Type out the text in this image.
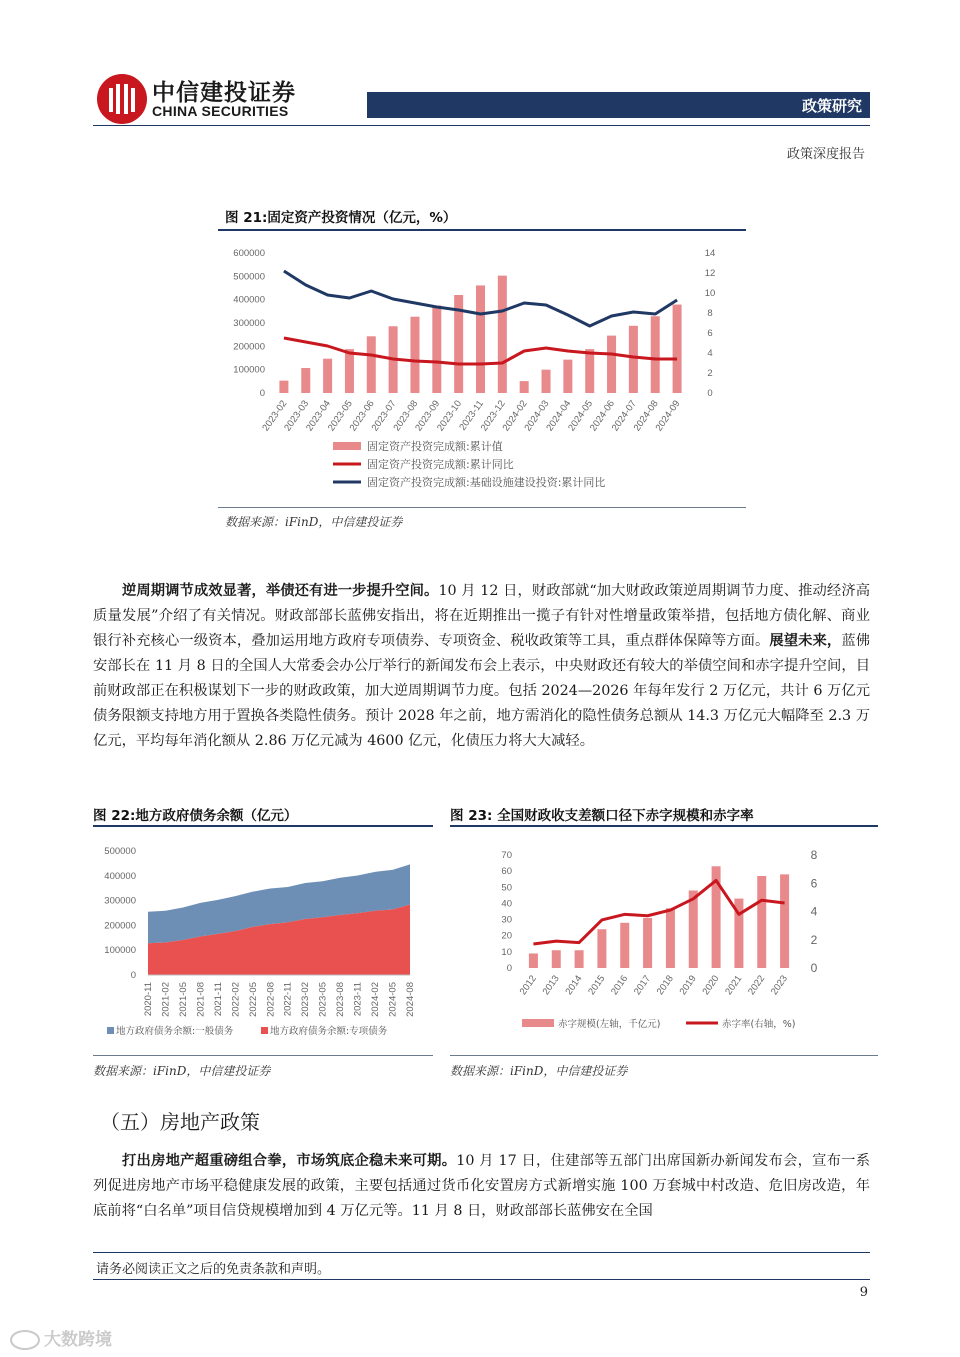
中信建投证券
CHINA SECURITIES	政策研究
政策深度报告
图 21:固定资产投资情况（亿元，%）
600000
500000
400000
300000
200000
100000
0
14
12
10
8
6
4
2
0
2023-02
2023-03
2023-04
2023-05
2023-06
2023-07
2023-08
2023-09
2023-10
2023-11
2023-12
2024-02
2024-03
2024-04
2024-05
2024-06
2024-07
2024-08
2024-09
固定资产投资完成额:累计值
固定资产投资完成额:累计同比
固定资产投资完成额:基础设施建设投资:累计同比
数据来源：iFinD，中信建投证券
逆周期调节成效显著，举债还有进一步提升空间。10 月 12 日，财政部就“加大财政政策逆周期调节力度、推动经济高质量发展”介绍了有关情况。财政部部长蓝佛安指出，将在近期推出一揽子有针对性增量政策举措，包括地方债化解、商业银行补充核心一级资本，叠加运用地方政府专项债券、专项资金、税收政策等工具，重点群体保障等方面。展望未来，蓝佛安部长在 11 月 8 日的全国人大常委会办公厅举行的新闻发布会上表示，中央财政还有较大的举债空间和赤字提升空间，目前财政部正在积极谋划下一步的财政政策，加大逆周期调节力度。包括 2024—2026 年每年发行 2 万亿元，共计 6 万亿元债务限额支持地方用于置换各类隐性债务。预计 2028 年之前，地方需消化的隐性债务总额从 14.3 万亿元大幅降至 2.3 万亿元，平均每年消化额从 2.86 万亿元减为 4600 亿元，化债压力将大大减轻。
图 22:地方政府债务余额（亿元）
500000
400000
300000
200000
100000
0
2020-11 2021-02 2021-05 2021-08 2021-11 2022-02 2022-05 2022-08 2022-11 2023-02 2023-05 2023-08 2023-11 2024-02 2024-05 2024-08
地方政府债务余额:一般债务	地方政府债务余额:专项债务
数据来源：iFinD，中信建投证券
图 23: 全国财政收支差额口径下赤字规模和赤字率
70
60
50
40
30
20
10
0
8
6
4
2
0
2012 2013 2014 2015 2016 2017 2018 2019 2020 2021 2022 2023
赤字规模(左轴，千亿元)	赤字率(右轴，%)
数据来源：iFinD，中信建投证券
（五）房地产政策
打出房地产超重磅组合拳，市场筑底企稳未来可期。10 月 17 日，住建部等五部门出席国新办新闻发布会，宣布一系列促进房地产市场平稳健康发展的政策，主要包括通过货币化安置房方式新增实施 100 万套城中村改造、危旧房改造，年底前将“白名单”项目信贷规模增加到 4 万亿元等。11 月 8 日，财政部部长蓝佛安在全国
请务必阅读正文之后的免责条款和声明。
9
大数跨境
